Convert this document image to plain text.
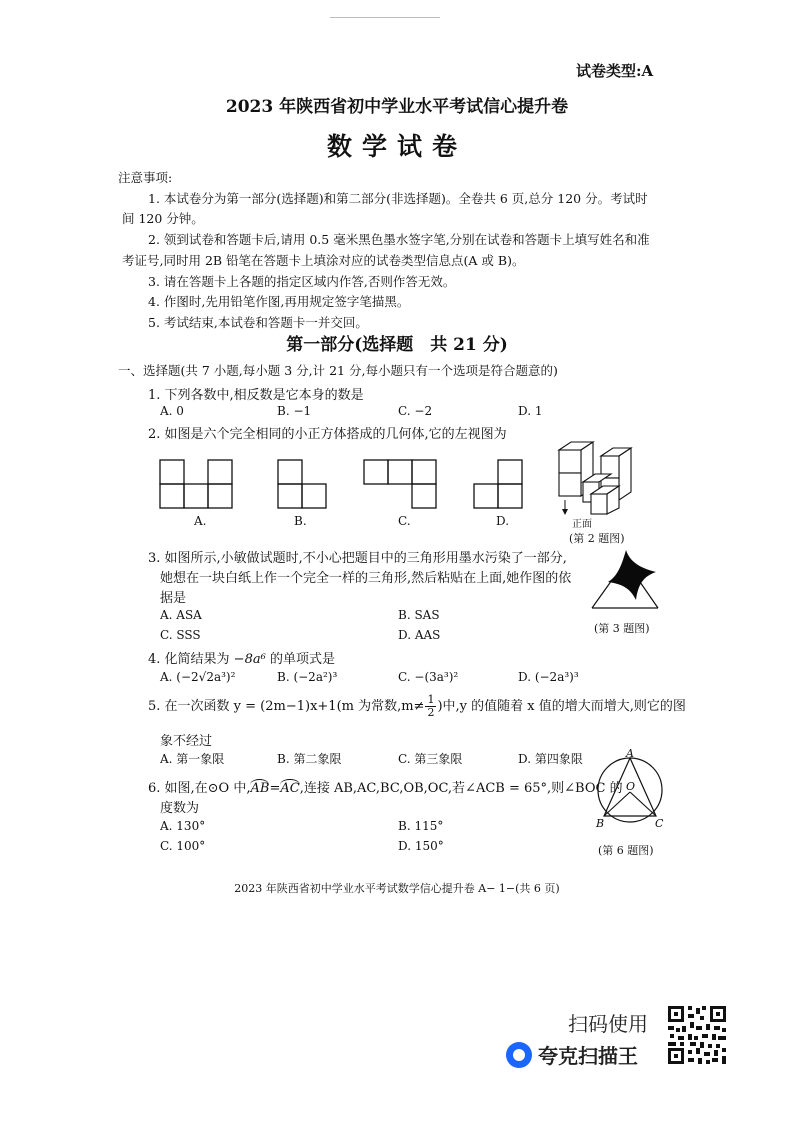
试卷类型:A
2023 年陕西省初中学业水平考试信心提升卷
数学试卷

注意事项:

1. 本试卷分为第一部分(选择题)和第二部分(非选择题)。全卷共 6 页,总分 120 分。考试时

间 120 分钟。

2. 领到试卷和答题卡后,请用 0.5 毫米黑色墨水签字笔,分别在试卷和答题卡上填写姓名和准

考证号,同时用 2B 铅笔在答题卡上填涂对应的试卷类型信息点(A 或 B)。

3. 请在答题卡上各题的指定区域内作答,否则作答无效。

4. 作图时,先用铅笔作图,再用规定签字笔描黑。

5. 考试结束,本试卷和答题卡一并交回。

第一部分(选择题　共 21 分)
一、选择题(共 7 小题,每小题 3 分,计 21 分,每小题只有一个选项是符合题意的)
1. 下列各数中,相反数是它本身的数是
A. 0	B. −1	C. −2	D. 1
2. 如图是六个完全相同的小正方体搭成的几何体,它的左视图为
A.	B.	C.	D.	正面
(第 2 题图)
3. 如图所示,小敏做试题时,不小心把题目中的三角形用墨水污染了一部分,
她想在一块白纸上作一个完全一样的三角形,然后粘贴在上面,她作图的依
据是
A. ASA	B. SAS
C. SSS	D. AAS	(第 3 题图)
4. 化简结果为 −8a⁶ 的单项式是
A. (−2√2a³)²	B. (−2a²)³	C. −(3a³)²	D. (−2a³)³
5. 在一次函数 y = (2m−1)x+1(m 为常数$,m\ne \frac{1}{2}$ )中,y 的值随着 x 值的增大而增大,则它的图
象不经过
A. 第一象限	B. 第二象限	C. 第三象限	D. 第四象限
6. 如图,在⊙O 中,AB=AC,连接 AB,AC,BC,OB,OC,若∠ACB = 65°,则∠BOC 的
度数为
A. 130°	B. 115°
C. 100°	D. 150°
A
O
B	C
(第 6 题图)
2023 年陕西省初中学业水平考试数学信心提升卷 A− 1−(共 6 页)
扫码使用
夸克扫描王
